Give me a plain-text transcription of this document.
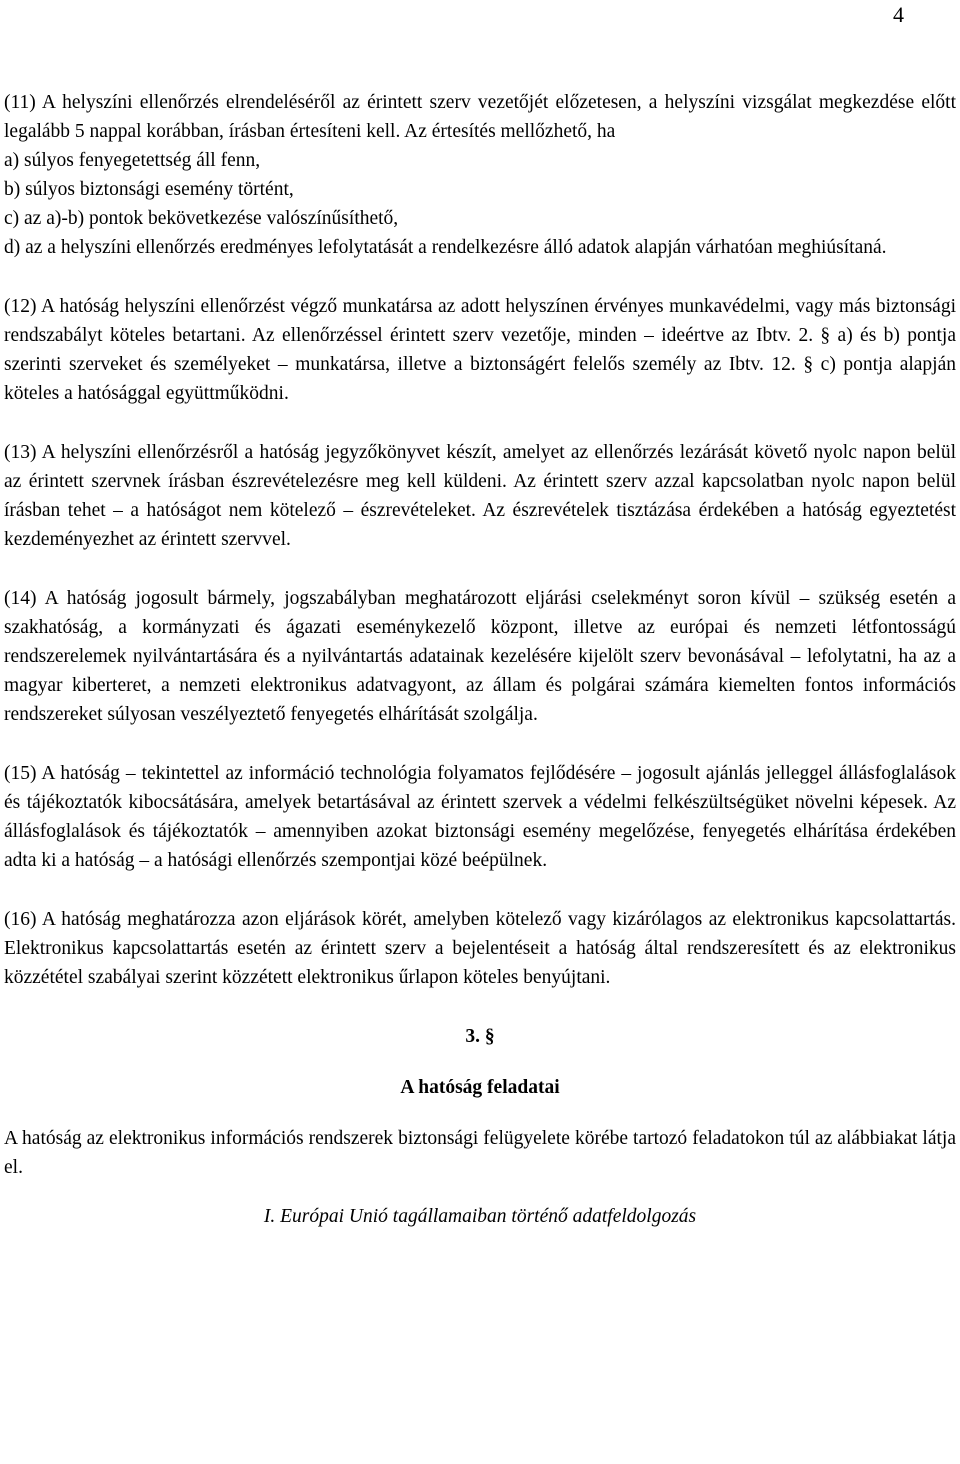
4
(11) A helyszíni ellenőrzés elrendeléséről az érintett szerv vezetőjét előzetesen, a helyszíni vizsgálat megkezdése előtt legalább 5 nappal korábban, írásban értesíteni kell. Az értesítés mellőzhető, ha
a) súlyos fenyegetettség áll fenn,
b) súlyos biztonsági esemény történt,
c) az a)-b) pontok bekövetkezése valószínűsíthető,
d) az a helyszíni ellenőrzés eredményes lefolytatását a rendelkezésre álló adatok alapján várhatóan meghiúsítaná.

(12) A hatóság helyszíni ellenőrzést végző munkatársa az adott helyszínen érvényes munkavédelmi, vagy más biztonsági rendszabályt köteles betartani. Az ellenőrzéssel érintett szerv vezetője, minden – ideértve az Ibtv. 2. § a) és b) pontja szerinti szerveket és személyeket – munkatársa, illetve a biztonságért felelős személy az Ibtv. 12. § c) pontja alapján köteles a hatósággal együttműködni.

(13) A helyszíni ellenőrzésről a hatóság jegyzőkönyvet készít, amelyet az ellenőrzés lezárását követő nyolc napon belül az érintett szervnek írásban észrevételezésre meg kell küldeni. Az érintett szerv azzal kapcsolatban nyolc napon belül írásban tehet – a hatóságot nem kötelező – észrevételeket. Az észrevételek tisztázása érdekében a hatóság egyeztetést kezdeményezhet az érintett szervvel.

(14) A hatóság jogosult bármely, jogszabályban meghatározott eljárási cselekményt soron kívül – szükség esetén a szakhatóság, a kormányzati és ágazati eseménykezelő központ, illetve az európai és nemzeti létfontosságú rendszerelemek nyilvántartására és a nyilvántartás adatainak kezelésére kijelölt szerv bevonásával – lefolytatni, ha az a magyar kiberteret, a nemzeti elektronikus adatvagyont, az állam és polgárai számára kiemelten fontos információs rendszereket súlyosan veszélyeztető fenyegetés elhárítását szolgálja.

(15) A hatóság – tekintettel az információ technológia folyamatos fejlődésére – jogosult ajánlás jelleggel állásfoglalások és tájékoztatók kibocsátására, amelyek betartásával az érintett szervek a védelmi felkészültségüket növelni képesek. Az állásfoglalások és tájékoztatók – amennyiben azokat biztonsági esemény megelőzése, fenyegetés elhárítása érdekében adta ki a hatóság – a hatósági ellenőrzés szempontjai közé beépülnek.

(16) A hatóság meghatározza azon eljárások körét, amelyben kötelező vagy kizárólagos az elektronikus kapcsolattartás. Elektronikus kapcsolattartás esetén az érintett szerv a bejelentéseit a hatóság által rendszeresített és az elektronikus közzététel szabályai szerint közzétett elektronikus űrlapon köteles benyújtani.

3. §
A hatóság feladatai

A hatóság az elektronikus információs rendszerek biztonsági felügyelete körébe tartozó feladatokon túl az alábbiakat látja el.

I. Európai Unió tagállamaiban történő adatfeldolgozás
